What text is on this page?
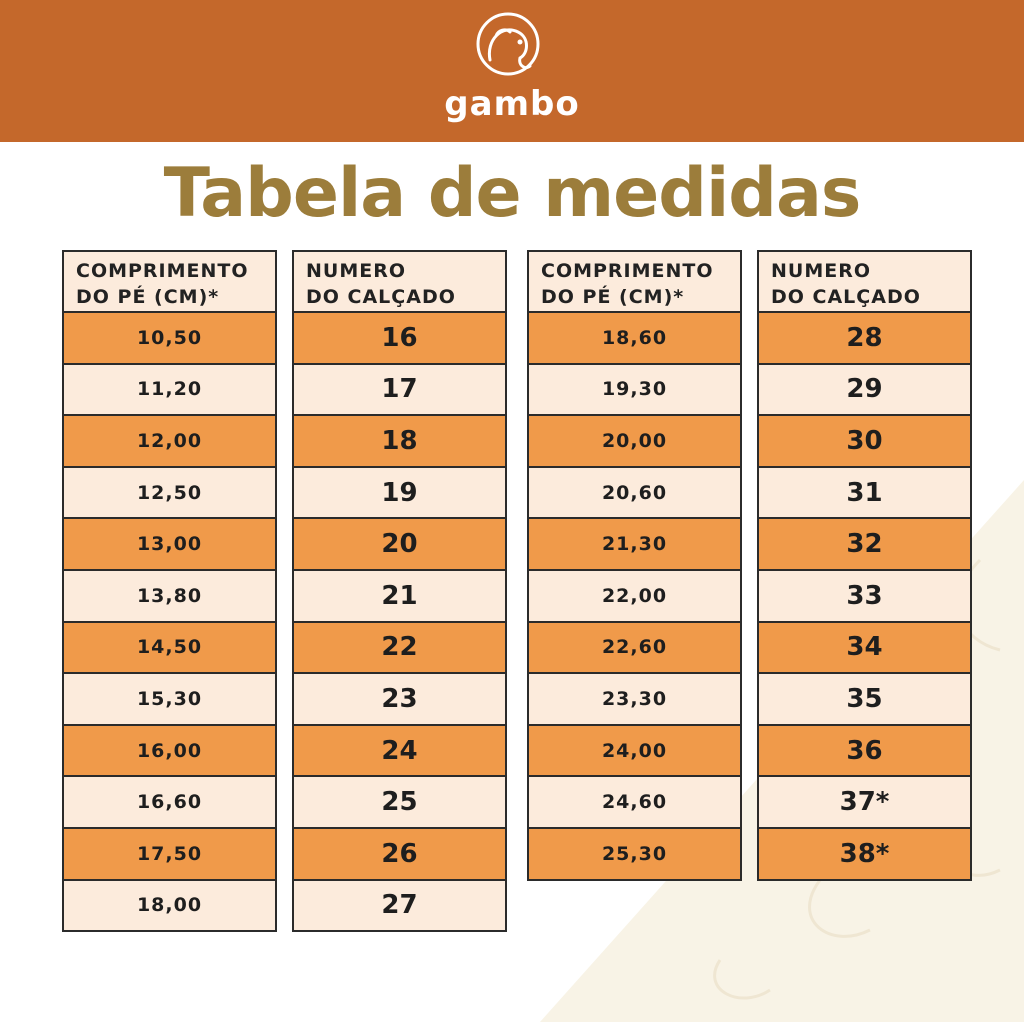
gambo
Tabela de medidas
COMPRIMENTO
DO PÉ (CM)*
10,50
11,20
12,00
12,50
13,00
13,80
14,50
15,30
16,00
16,60
17,50
18,00
NUMERO
DO CALÇADO
16
17
18
19
20
21
22
23
24
25
26
27
COMPRIMENTO
DO PÉ (CM)*
18,60
19,30
20,00
20,60
21,30
22,00
22,60
23,30
24,00
24,60
25,30
NUMERO
DO CALÇADO
28
29
30
31
32
33
34
35
36
37*
38*
